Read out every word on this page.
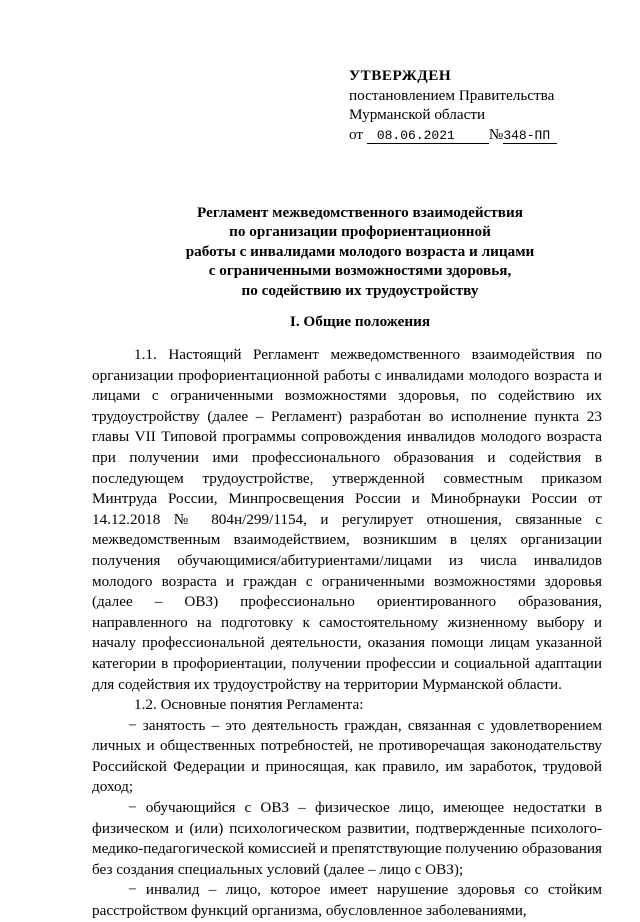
УТВЕРЖДЕН
постановлением Правительства
Мурманской области
от 08.06.2021 №348-ПП
Регламент межведомственного взаимодействия
по организации профориентационной
работы с инвалидами молодого возраста и лицами
с ограниченными возможностями здоровья,
по содействию их трудоустройству
I. Общие положения

1.1. Настоящий Регламент межведомственного взаимодействия по организации профориентационной работы с инвалидами молодого возраста и лицами с ограниченными возможностями здоровья, по содействию их трудоустройству (далее – Регламент) разработан во исполнение пункта 23 главы VII Типовой программы сопровождения инвалидов молодого возраста при получении ими профессионального образования и содействия в последующем трудоустройстве, утвержденной совместным приказом Минтруда России, Минпросвещения России и Минобрнауки России от 14.12.2018 № 804н/299/1154, и регулирует отношения, связанные с межведомственным взаимодействием, возникшим в целях организации получения обучающимися/абитуриентами/лицами из числа инвалидов молодого возраста и граждан с ограниченными возможностями здоровья (далее – ОВЗ) профессионально ориентированного образования, направленного на подготовку к самостоятельному жизненному выбору и началу профессиональной деятельности, оказания помощи лицам указанной категории в профориентации, получении профессии и социальной адаптации для содействия их трудоустройству на территории Мурманской области.

1.2. Основные понятия Регламента:

− занятость – это деятельность граждан, связанная с удовлетворением личных и общественных потребностей, не противоречащая законодательству Российской Федерации и приносящая, как правило, им заработок, трудовой доход;

− обучающийся с ОВЗ – физическое лицо, имеющее недостатки в физическом и (или) психологическом развитии, подтвержденные психолого-медико-педагогической комиссией и препятствующие получению образования без создания специальных условий (далее – лицо с ОВЗ);

− инвалид – лицо, которое имеет нарушение здоровья со стойким расстройством функций организма, обусловленное заболеваниями,
